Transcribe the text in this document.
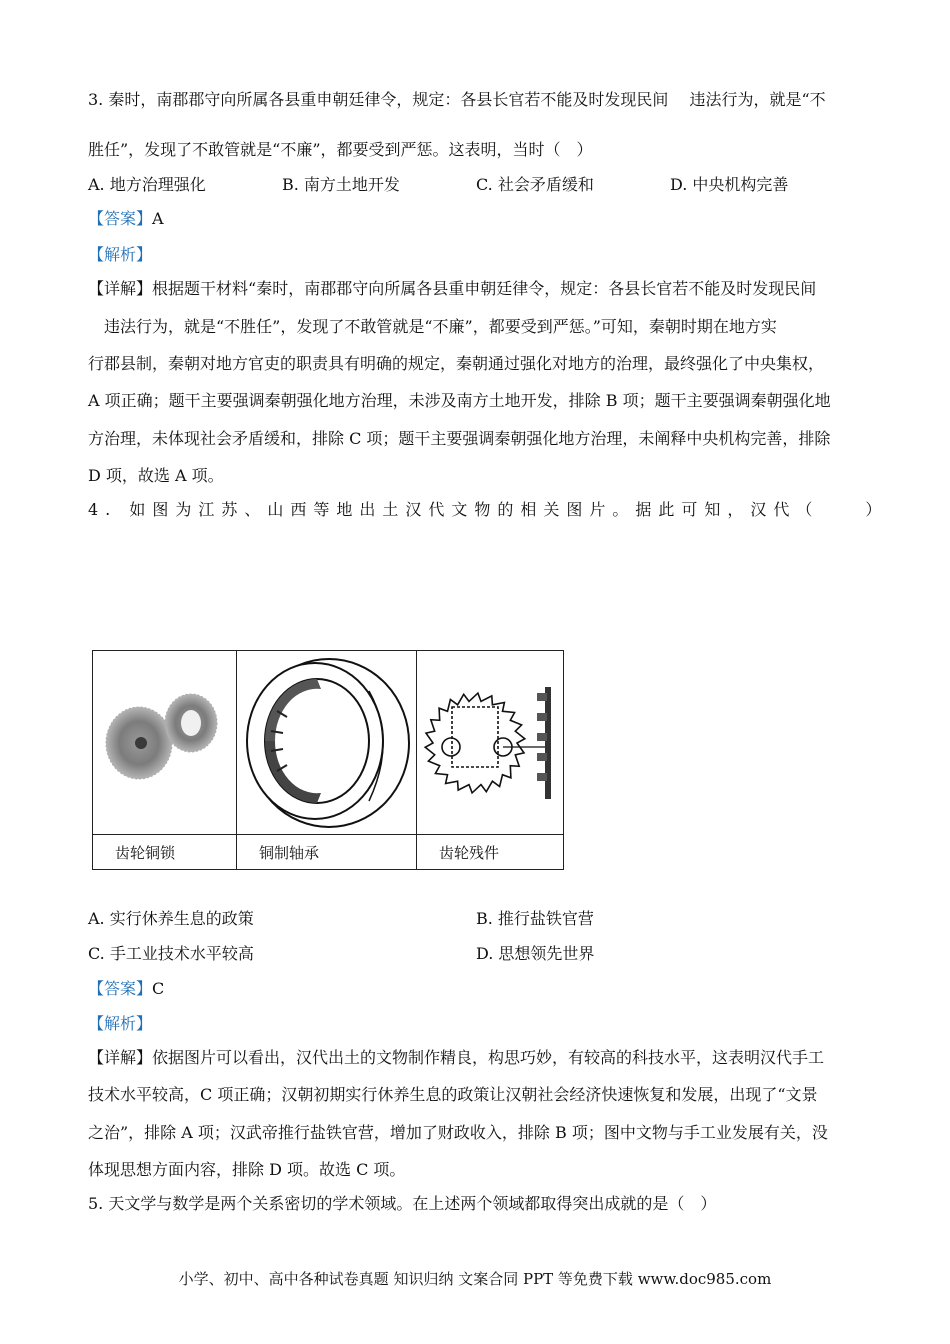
3. 秦时，南郡郡守向所属各县重申朝廷律令，规定：各县长官若不能及时发现民间　 违法行为，就是“不
胜任”，发现了不敢管就是“不廉”，都要受到严惩。这表明，当时（　）
A. 地方治理强化	B. 南方土地开发	C. 社会矛盾缓和	D. 中央机构完善
【答案】A
【解析】
【详解】根据题干材料“秦时，南郡郡守向所属各县重申朝廷律令，规定：各县长官若不能及时发现民间
　违法行为，就是“不胜任”，发现了不敢管就是“不廉”，都要受到严惩。”可知，秦朝时期在地方实
行郡县制，秦朝对地方官吏的职责具有明确的规定，秦朝通过强化对地方的治理，最终强化了中央集权，
A 项正确；题干主要强调秦朝强化地方治理，未涉及南方土地开发，排除 B 项；题干主要强调秦朝强化地
方治理，未体现社会矛盾缓和，排除 C 项；题干主要强调秦朝强化地方治理，未阐释中央机构完善，排除
D 项，故选 A 项。
4. 如图为江苏、山西等地出土汉代文物的相关图片。据此可知，汉代（　　）
齿轮铜锁	铜制轴承	齿轮残件
A. 实行休养生息的政策	B. 推行盐铁官营
C. 手工业技术水平较高	D. 思想领先世界
【答案】C
【解析】
【详解】依据图片可以看出，汉代出土的文物制作精良，构思巧妙，有较高的科技水平，这表明汉代手工
技术水平较高，C 项正确；汉朝初期实行休养生息的政策让汉朝社会经济快速恢复和发展，出现了“文景
之治”，排除 A 项；汉武帝推行盐铁官营，增加了财政收入，排除 B 项；图中文物与手工业发展有关，没
体现思想方面内容，排除 D 项。故选 C 项。
5. 天文学与数学是两个关系密切的学术领域。在上述两个领域都取得突出成就的是（　）
小学、初中、高中各种试卷真题 知识归纳 文案合同 PPT 等免费下载 www.doc985.com
